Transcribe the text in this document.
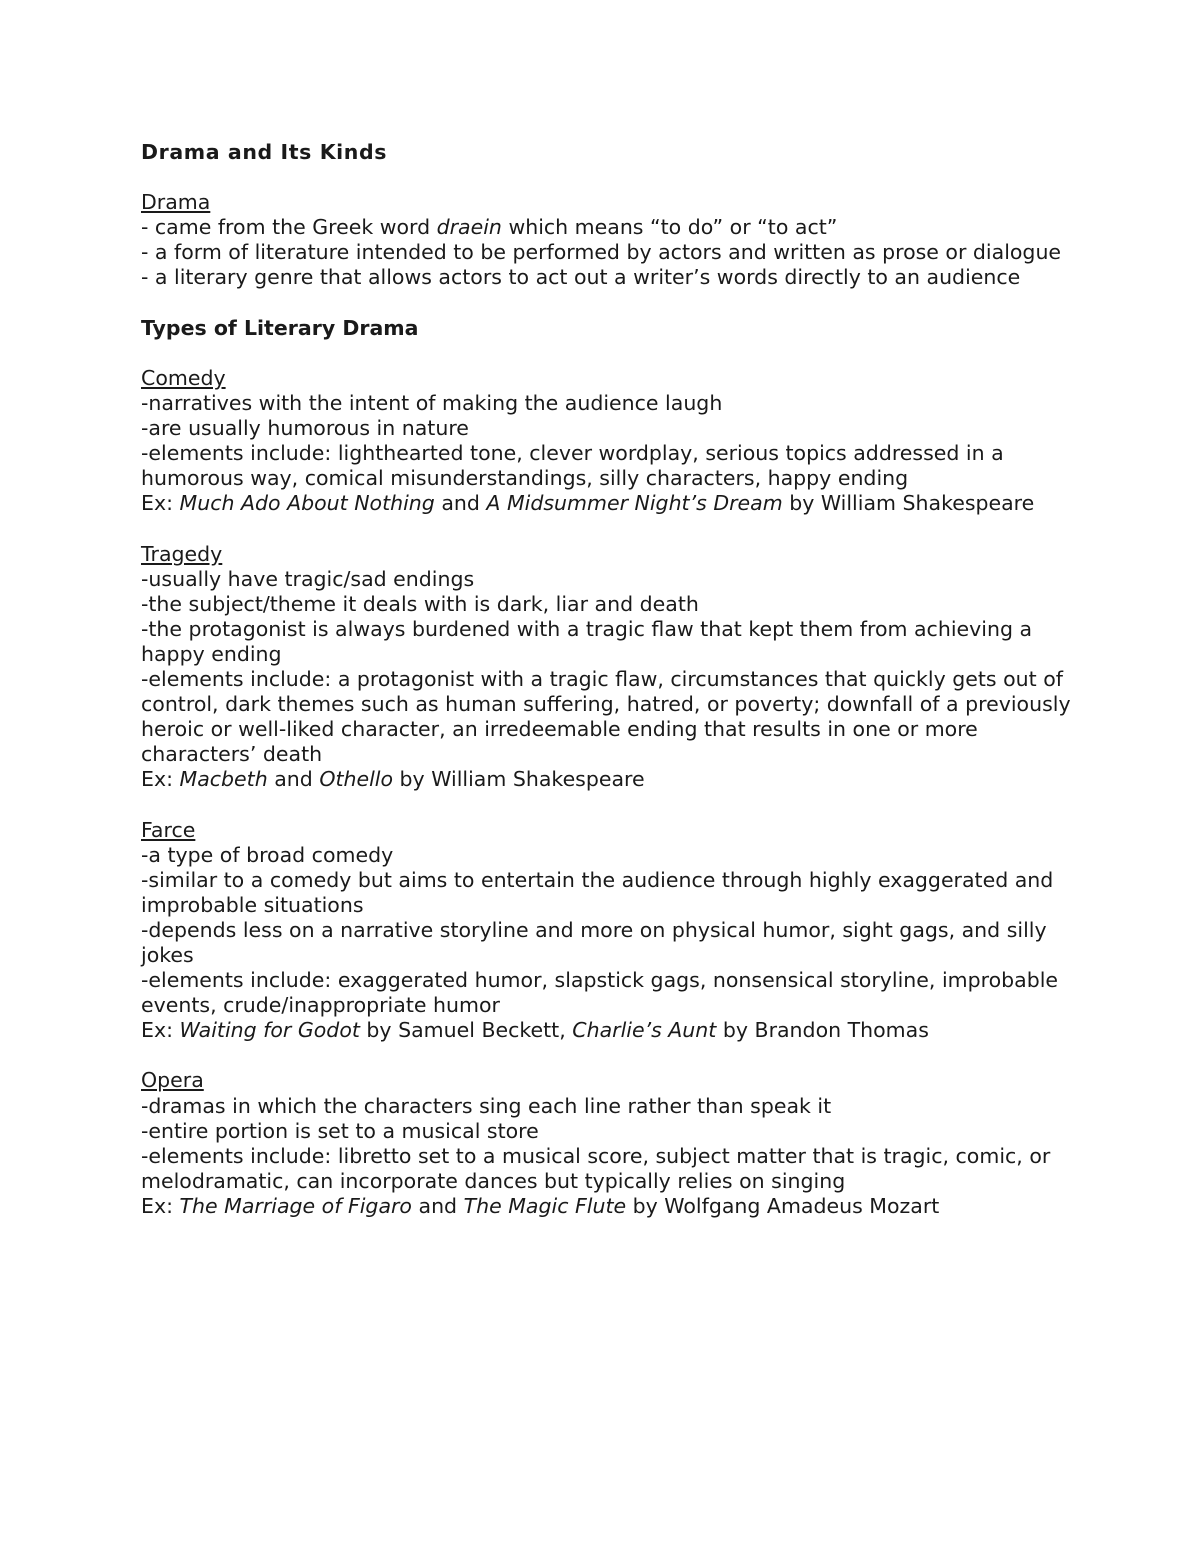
Drama and Its Kinds

Drama

- came from the Greek word draein which means “to do” or “to act”

- a form of literature intended to be performed by actors and written as prose or dialogue

- a literary genre that allows actors to act out a writer’s words directly to an audience

Types of Literary Drama

Comedy

-narratives with the intent of making the audience laugh

-are usually humorous in nature

-elements include: lighthearted tone, clever wordplay, serious topics addressed in a humorous way, comical misunderstandings, silly characters, happy ending

Ex: Much Ado About Nothing and A Midsummer Night’s Dream by William Shakespeare

Tragedy

-usually have tragic/sad endings

-the subject/theme it deals with is dark, liar and death

-the protagonist is always burdened with a tragic flaw that kept them from achieving a happy ending

-elements include: a protagonist with a tragic flaw, circumstances that quickly gets out of control, dark themes such as human suffering, hatred, or poverty; downfall of a previously heroic or well-liked character, an irredeemable ending that results in one or more characters’ death

Ex: Macbeth and Othello by William Shakespeare

Farce

-a type of broad comedy

-similar to a comedy but aims to entertain the audience through highly exaggerated and improbable situations

-depends less on a narrative storyline and more on physical humor, sight gags, and silly jokes

-elements include: exaggerated humor, slapstick gags, nonsensical storyline, improbable events, crude/inappropriate humor

Ex: Waiting for Godot by Samuel Beckett, Charlie’s Aunt by Brandon Thomas

Opera

-dramas in which the characters sing each line rather than speak it

-entire portion is set to a musical store

-elements include: libretto set to a musical score, subject matter that is tragic, comic, or melodramatic, can incorporate dances but typically relies on singing

Ex: The Marriage of Figaro and The Magic Flute by Wolfgang Amadeus Mozart
